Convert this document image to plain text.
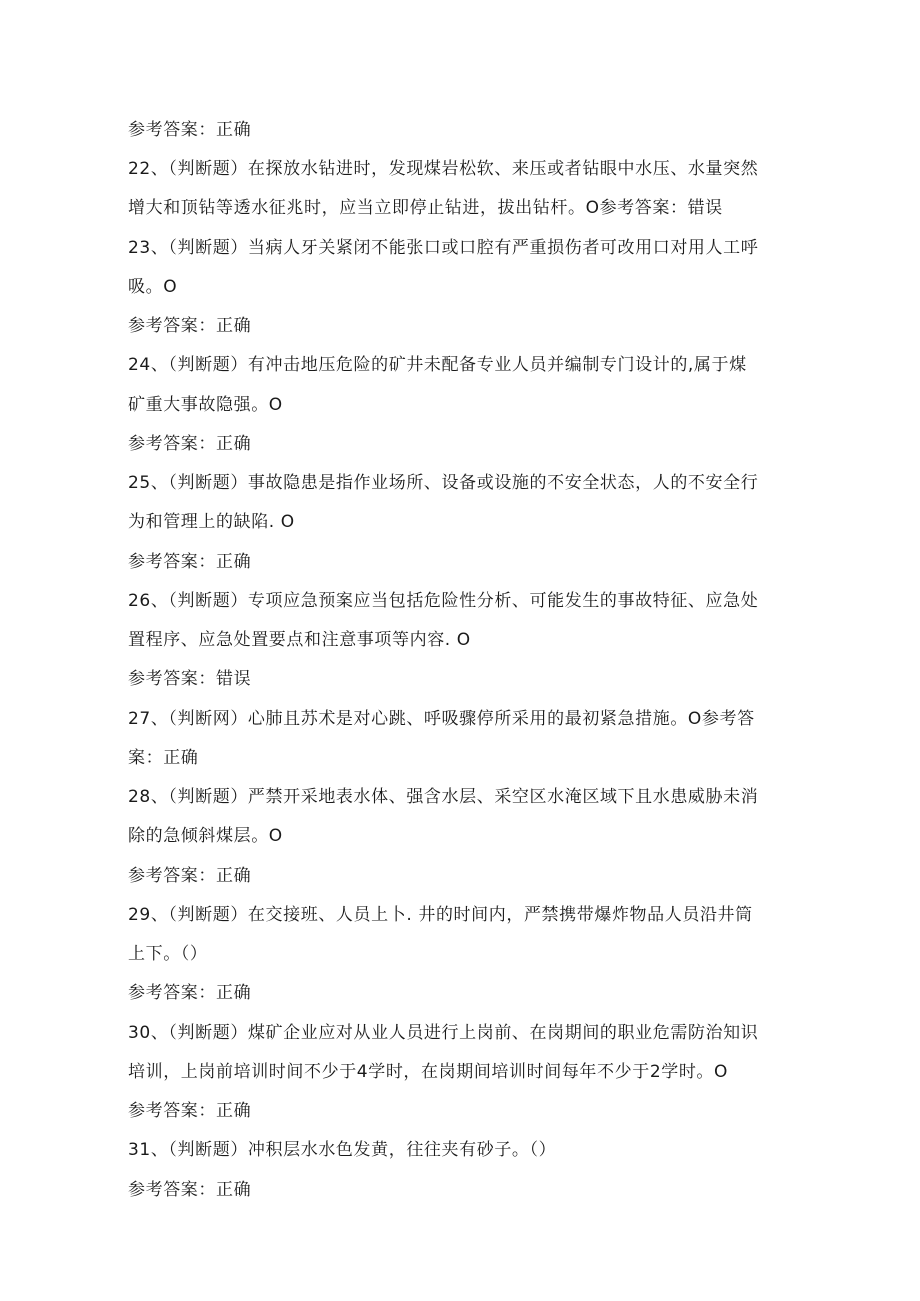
参考答案：正确
22、（判断题）在探放水钻进时，发现煤岩松软、来压或者钻眼中水压、水量突然
增大和顶钻等透水征兆时，应当立即停止钻进，拔出钻杆。O参考答案：错误
23、（判断题）当病人牙关紧闭不能张口或口腔有严重损伤者可改用口对用人工呼
吸。O
参考答案：正确
24、（判断题）有冲击地压危险的矿井未配备专业人员并编制专门设计的,属于煤
矿重大事故隐强。O
参考答案：正确
25、（判断题）事故隐患是指作业场所、设备或设施的不安全状态，人的不安全行
为和管理上的缺陷. O
参考答案：正确
26、（判断题）专项应急预案应当包括危险性分析、可能发生的事故特征、应急处
置程序、应急处置要点和注意事项等内容. O
参考答案：错误
27、（判断网）心肺且苏术是对心跳、呼吸骤停所采用的最初紧急措施。O参考答
案：正确
28、（判断题）严禁开采地表水体、强含水层、采空区水淹区域下且水患威胁未消
除的急倾斜煤层。O
参考答案：正确
29、（判断题）在交接班、人员上卜. 井的时间内，严禁携带爆炸物品人员沿井筒
上下。（）
参考答案：正确
30、（判断题）煤矿企业应对从业人员进行上岗前、在岗期间的职业危需防治知识
培训，上岗前培训时间不少于4学时，在岗期间培训时间每年不少于2学时。O
参考答案：正确
31、（判断题）冲积层水水色发黄，往往夹有砂子。（）
参考答案：正确
